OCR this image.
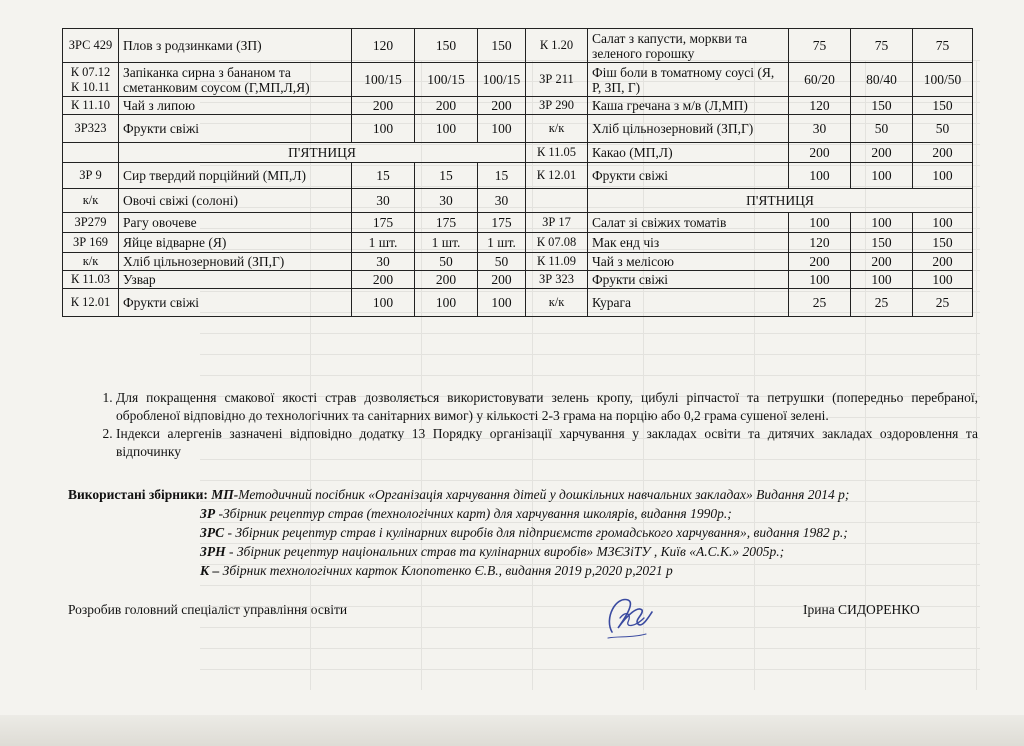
ЗРС 429	Плов з родзинками (ЗП)	120	150	150	К 1.20	Салат з капусти, моркви та зеленого горошку	75	75	75
К 07.12 К 10.11	Запіканка сирна з бананом та сметанковим соусом (Г,МП,Л,Я)	100/15	100/15	100/15	ЗР 211	Фіш боли в томатному соусі (Я, Р, ЗП, Г)	60/20	80/40	100/50
К 11.10	Чай з липою	200	200	200	ЗР 290	Каша гречана з м/в (Л,МП)	120	150	150
ЗР323	Фрукти свіжі	100	100	100	к/к	Хліб цільнозерновий (ЗП,Г)	30	50	50
	П'ЯТНИЦЯ				К 11.05	Какао (МП,Л)	200	200	200
ЗР 9	Сир твердий порційний (МП,Л)	15	15	15	К 12.01	Фрукти свіжі	100	100	100
к/к	Овочі свіжі (солоні)	30	30	30		П'ЯТНИЦЯ			
ЗР279	Рагу овочеве	175	175	175	ЗР 17	Салат зі свіжих томатів	100	100	100
ЗР 169	Яйце відварне (Я)	1 шт.	1 шт.	1 шт.	К 07.08	Мак енд чіз	120	150	150
к/к	Хліб цільнозерновий (ЗП,Г)	30	50	50	К 11.09	Чай з мелісою	200	200	200
К 11.03	Узвар	200	200	200	ЗР 323	Фрукти свіжі	100	100	100
К 12.01	Фрукти свіжі	100	100	100	к/к	Курага	25	25	25
1. Для покращення смакової якості страв дозволяється використовувати зелень кропу, цибулі ріпчастої та петрушки (попередньо перебраної, обробленої відповідно до технологічних та санітарних вимог) у кількості 2-3 грама на порцію або 0,2 грама сушеної зелені.
2. Індекси алергенів зазначені відповідно додатку 13 Порядку організації харчування у закладах освіти та дитячих закладах оздоровлення та відпочинку
Використані збірники: МП-Методичний посібник «Організація харчування дітей у дошкільних навчальних закладах» Видання 2014 р;
ЗР -Збірник рецептур страв (технологічних карт) для харчування школярів, видання 1990р.;
ЗРС - Збірник рецептур страв і кулінарних виробів для підприємств громадського харчування», видання 1982 р.;
ЗРН - Збірник рецептур національних страв та кулінарних виробів» МЗЄЗіТУ , Київ «А.С.К.» 2005р.;
К – Збірник технологічних карток Клопотенко Є.В., видання 2019 р,2020 р,2021 р
Розробив головний спеціаліст управління освіти	Ірина СИДОРЕНКО
